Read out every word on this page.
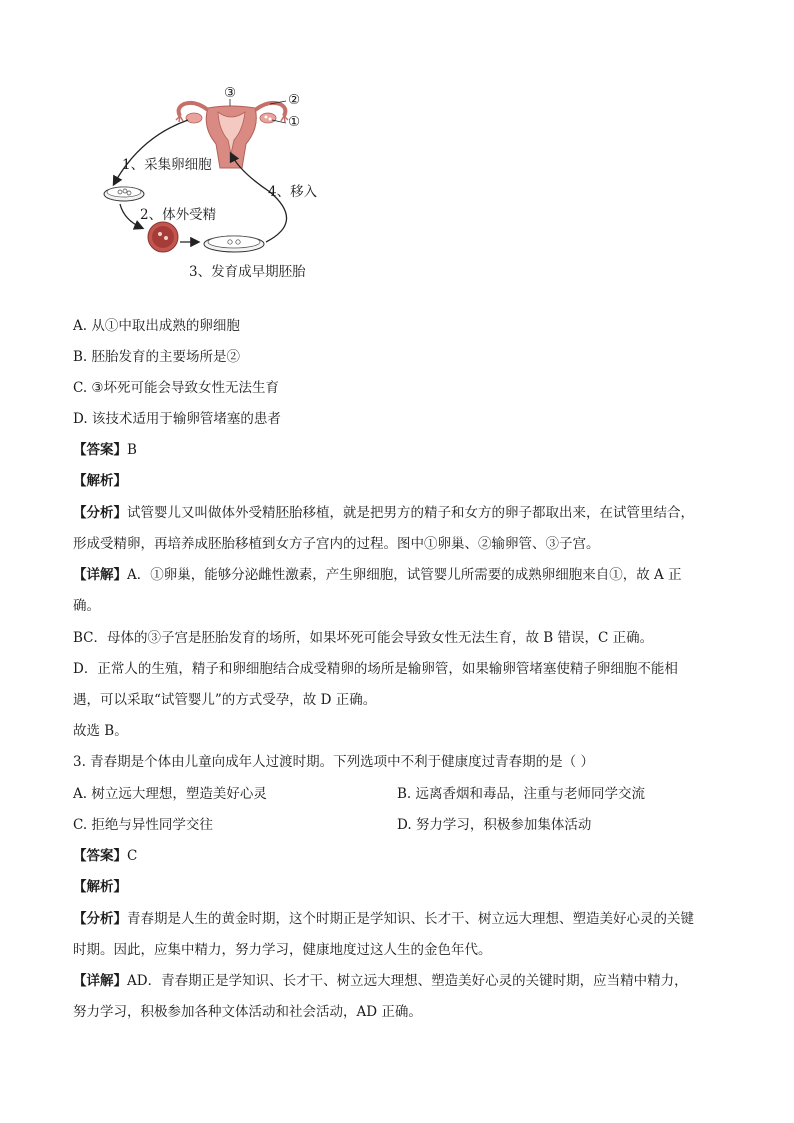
③	②
①
1、采集卵细胞
2、体外受精
4、移入
3、发育成早期胚胎
A. 从①中取出成熟的卵细胞
B. 胚胎发育的主要场所是②
C. ③坏死可能会导致女性无法生育
D. 该技术适用于输卵管堵塞的患者
【答案】B
【解析】
【分析】试管婴儿又叫做体外受精胚胎移植，就是把男方的精子和女方的卵子都取出来，在试管里结合，
形成受精卵，再培养成胚胎移植到女方子宫内的过程。图中①卵巢、②输卵管、③子宫。
【详解】A．①卵巢，能够分泌雌性激素，产生卵细胞，试管婴儿所需要的成熟卵细胞来自①，故 A 正
确。
BC．母体的③子宫是胚胎发育的场所，如果坏死可能会导致女性无法生育，故 B 错误，C 正确。
D．正常人的生殖，精子和卵细胞结合成受精卵的场所是输卵管，如果输卵管堵塞使精子卵细胞不能相
遇，可以采取“试管婴儿”的方式受孕，故 D 正确。
故选 B。
3. 青春期是个体由儿童向成年人过渡时期。下列选项中不利于健康度过青春期的是（ ）
A. 树立远大理想，塑造美好心灵	B. 远离香烟和毒品，注重与老师同学交流
C. 拒绝与异性同学交往	D. 努力学习，积极参加集体活动
【答案】C
【解析】
【分析】青春期是人生的黄金时期，这个时期正是学知识、长才干、树立远大理想、塑造美好心灵的关键
时期。因此，应集中精力，努力学习，健康地度过这人生的金色年代。
【详解】AD．青春期正是学知识、长才干、树立远大理想、塑造美好心灵的关键时期，应当精中精力，
努力学习，积极参加各种文体活动和社会活动，AD 正确。
